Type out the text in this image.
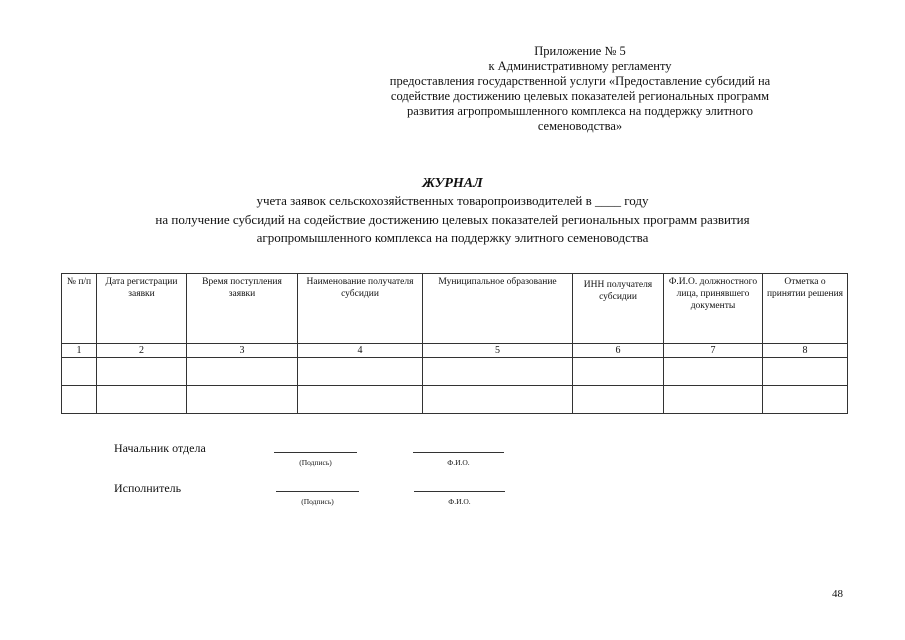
Приложение № 5
к Административному регламенту
предоставления государственной услуги «Предоставление субсидий на
содействие достижению целевых показателей региональных программ
развития агропромышленного комплекса на поддержку элитного
семеноводства»
ЖУРНАЛ
учета заявок сельскохозяйственных товаропроизводителей в ____ году
на получение субсидий на содействие достижению целевых показателей региональных программ развития
агропромышленного комплекса на поддержку элитного семеноводства
№ п/п	Дата регистрации заявки	Время поступления заявки	Наименование получателя субсидии	Муниципальное образование	ИНН получателя субсидии	Ф.И.О. должностного лица, принявшего документы	Отметка о принятии решения
1	2	3	4	5	6	7	8

Начальник отдела
(Подпись)	Ф.И.О.
Исполнитель
(Подпись)	Ф.И.О.
48
